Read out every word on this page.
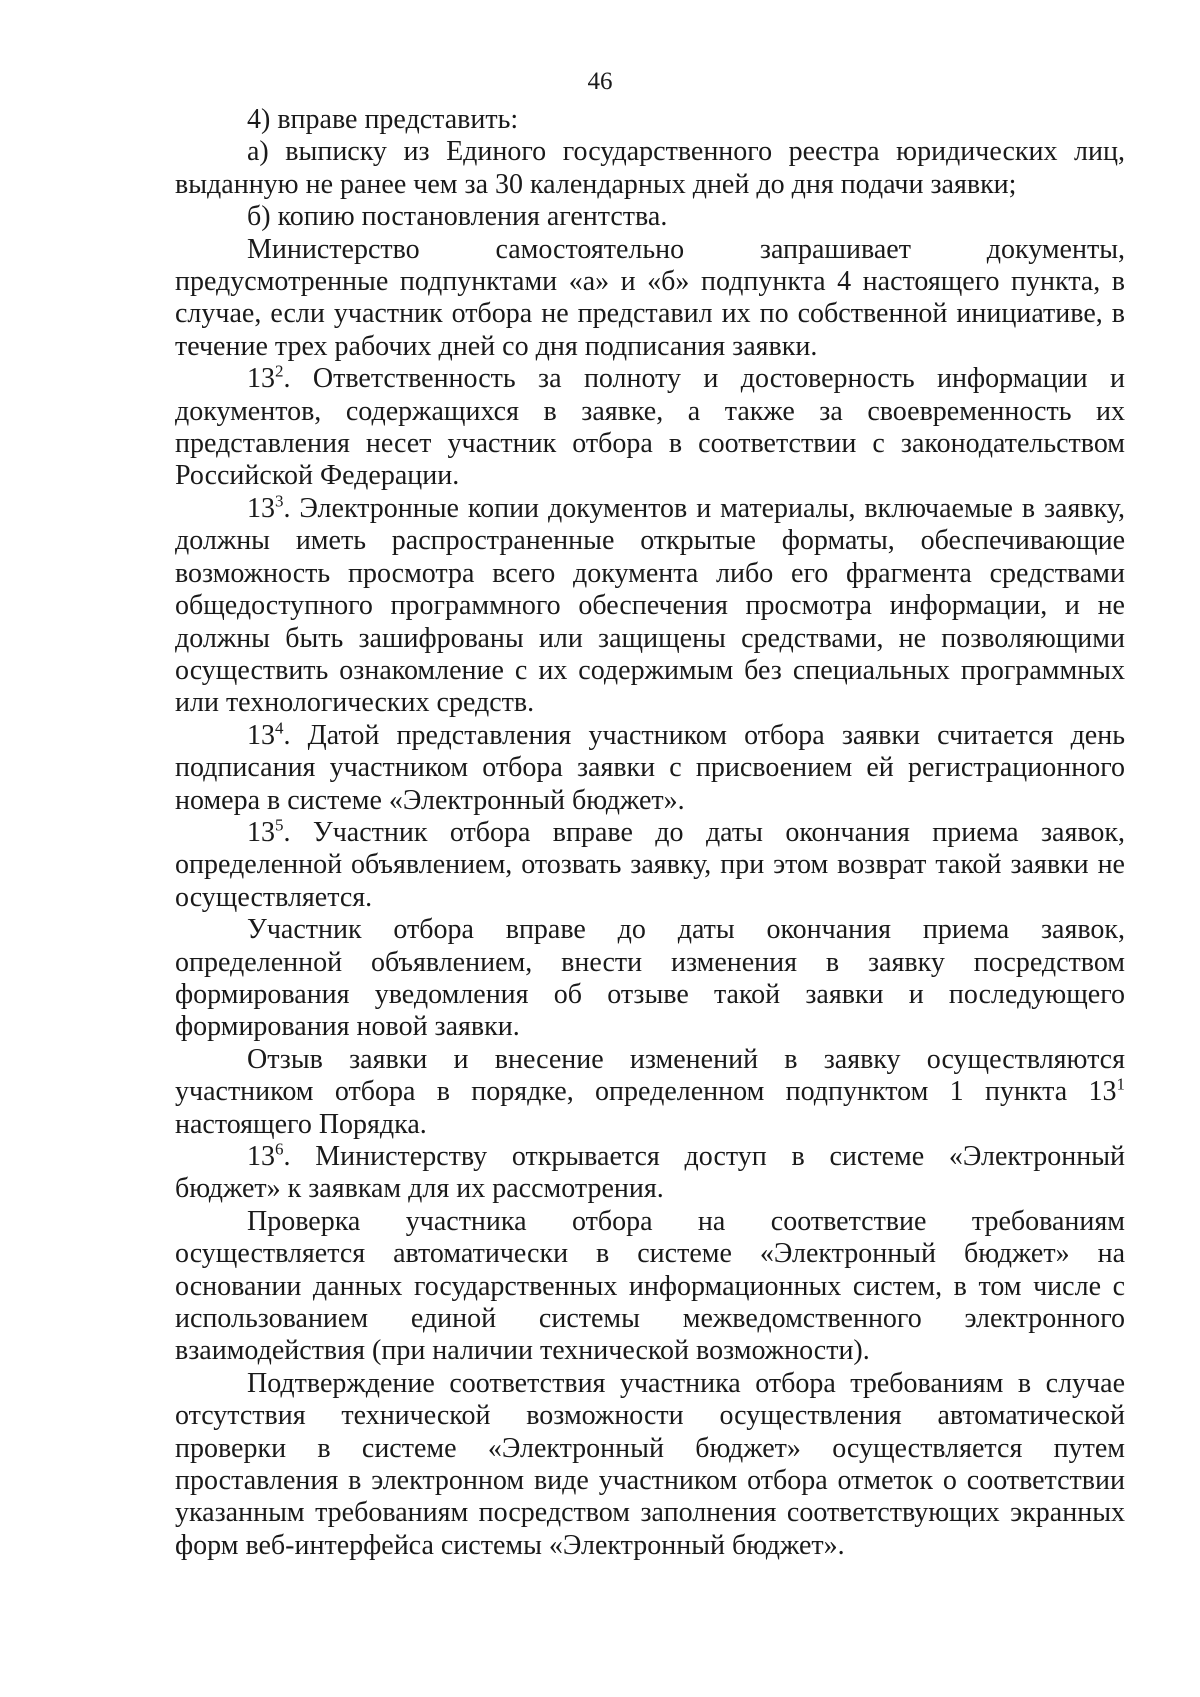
46

4) вправе представить:

а) выписку из Единого государственного реестра юридических лиц, выданную не ранее чем за 30 календарных дней до дня подачи заявки;

б) копию постановления агентства.

Министерство самостоятельно запрашивает документы, предусмотренные подпунктами «а» и «б» подпункта 4 настоящего пункта, в случае, если участник отбора не представил их по собственной инициативе, в течение трех рабочих дней со дня подписания заявки.

$13^2$. Ответственность за полноту и достоверность информации и документов, содержащихся в заявке, а также за своевременность их представления несет участник отбора в соответствии с законодательством Российской Федерации.

$13^3$. Электронные копии документов и материалы, включаемые в заявку, должны иметь распространенные открытые форматы, обеспечивающие возможность просмотра всего документа либо его фрагмента средствами общедоступного программного обеспечения просмотра информации, и не должны быть зашифрованы или защищены средствами, не позволяющими осуществить ознакомление с их содержимым без специальных программных или технологических средств.

$13^4$. Датой представления участником отбора заявки считается день подписания участником отбора заявки с присвоением ей регистрационного номера в системе «Электронный бюджет».

$13^5$. Участник отбора вправе до даты окончания приема заявок, определенной объявлением, отозвать заявку, при этом возврат такой заявки не осуществляется.

Участник отбора вправе до даты окончания приема заявок, определенной объявлением, внести изменения в заявку посредством формирования уведомления об отзыве такой заявки и последующего формирования новой заявки.

Отзыв заявки и внесение изменений в заявку осуществляются участником отбора в порядке, определенном подпунктом 1 пункта $13^1$ настоящего Порядка.

$13^6$. Министерству открывается доступ в системе «Электронный бюджет» к заявкам для их рассмотрения.

Проверка участника отбора на соответствие требованиям осуществляется автоматически в системе «Электронный бюджет» на основании данных государственных информационных систем, в том числе с использованием единой системы межведомственного электронного взаимодействия (при наличии технической возможности).

Подтверждение соответствия участника отбора требованиям в случае отсутствия технической возможности осуществления автоматической проверки в системе «Электронный бюджет» осуществляется путем проставления в электронном виде участником отбора отметок о соответствии указанным требованиям посредством заполнения соответствующих экранных форм веб-интерфейса системы «Электронный бюджет».
